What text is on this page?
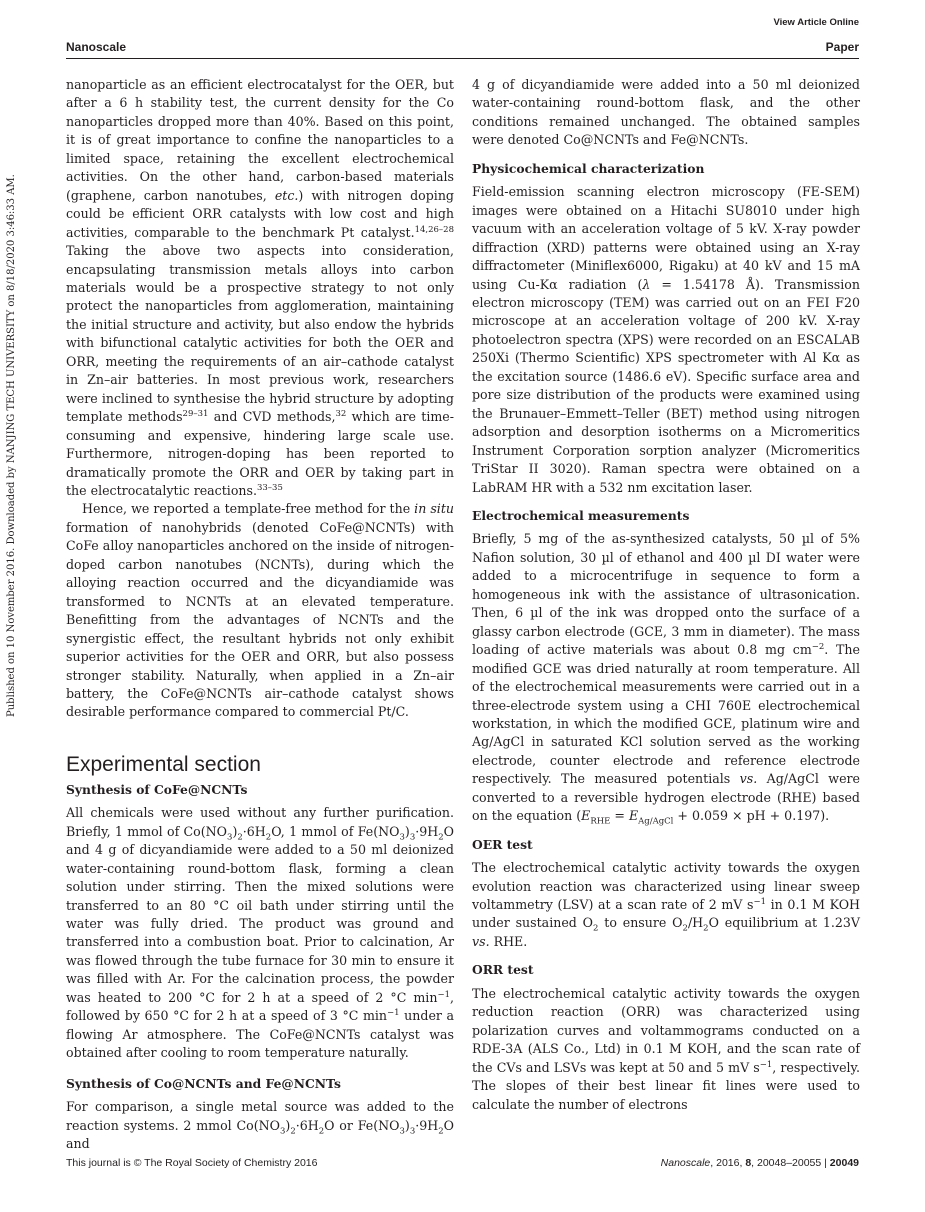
View Article Online
Nanoscale	Paper
Published on 10 November 2016. Downloaded by NANJING TECH UNIVERSITY on 8/18/2020 3:46:33 AM.

nanoparticle as an efficient electrocatalyst for the OER, but after a 6 h stability test, the current density for the Co nanoparticles dropped more than 40%. Based on this point, it is of great importance to confine the nanoparticles to a limited space, retaining the excellent electrochemical activities. On the other hand, carbon-based materials (graphene, carbon nanotubes, etc.) with nitrogen doping could be efficient ORR catalysts with low cost and high activities, comparable to the benchmark Pt catalyst.$^{14,26-28}$ Taking the above two aspects into consideration, encapsulating transmission metals alloys into carbon materials would be a prospective strategy to not only protect the nanoparticles from agglomeration, maintaining the initial structure and activity, but also endow the hybrids with bifunctional catalytic activities for both the OER and ORR, meeting the requirements of an air–cathode catalyst in Zn–air batteries. In most previous work, researchers were inclined to synthesise the hybrid structure by adopting template methods$^{29-31}$ and CVD methods,$^{32}$ which are time-consuming and expensive, hindering large scale use. Furthermore, nitrogen-doping has been reported to dramatically promote the ORR and OER by taking part in the electrocatalytic reactions.$^{33-35}$

Hence, we reported a template-free method for the in situ formation of nanohybrids (denoted CoFe@NCNTs) with CoFe alloy nanoparticles anchored on the inside of nitrogen-doped carbon nanotubes (NCNTs), during which the alloying reaction occurred and the dicyandiamide was transformed to NCNTs at an elevated temperature. Benefitting from the advantages of NCNTs and the synergistic effect, the resultant hybrids not only exhibit superior activities for the OER and ORR, but also possess stronger stability. Naturally, when applied in a Zn–air battery, the CoFe@NCNTs air–cathode catalyst shows desirable performance compared to commercial Pt/C.

Experimental section
Synthesis of CoFe@NCNTs

All chemicals were used without any further purification. Briefly, 1 mmol of $Co(NO_3)_2\cdot 6H_2O$, 1 mmol of $Fe(NO_3)_3\cdot 9H_2O$ and 4 g of dicyandiamide were added to a 50 ml deionized water-containing round-bottom flask, forming a clean solution under stirring. Then the mixed solutions were transferred to an 80 °C oil bath under stirring until the water was fully dried. The product was ground and transferred into a combustion boat. Prior to calcination, Ar was flowed through the tube furnace for 30 min to ensure it was filled with Ar. For the calcination process, the powder was heated to 200 °C for 2 h at a speed of 2 °C $\min^{-1}$, followed by 650 °C for 2 h at a speed of 3 °C $\min^{-1}$ under a flowing Ar atmosphere. The CoFe@NCNTs catalyst was obtained after cooling to room temperature naturally.

Synthesis of Co@NCNTs and Fe@NCNTs

For comparison, a single metal source was added to the reaction systems. 2 mmol $Co(NO_3)_2\cdot 6H_2O$ or $Fe(NO_3)_3\cdot 9H_2O$ and

4 g of dicyandiamide were added into a 50 ml deionized water-containing round-bottom flask, and the other conditions remained unchanged. The obtained samples were denoted Co@NCNTs and Fe@NCNTs.

Physicochemical characterization

Field-emission scanning electron microscopy (FE-SEM) images were obtained on a Hitachi SU8010 under high vacuum with an acceleration voltage of 5 kV. X-ray powder diffraction (XRD) patterns were obtained using an X-ray diffractometer (Miniflex6000, Rigaku) at 40 kV and 15 mA using Cu-Kα radiation (λ = 1.54178 Å). Transmission electron microscopy (TEM) was carried out on an FEI F20 microscope at an acceleration voltage of 200 kV. X-ray photoelectron spectra (XPS) were recorded on an ESCALAB 250Xi (Thermo Scientific) XPS spectrometer with Al Kα as the excitation source (1486.6 eV). Specific surface area and pore size distribution of the products were examined using the Brunauer–Emmett–Teller (BET) method using nitrogen adsorption and desorption isotherms on a Micromeritics Instrument Corporation sorption analyzer (Micromeritics TriStar II 3020). Raman spectra were obtained on a LabRAM HR with a 532 nm excitation laser.

Electrochemical measurements

Briefly, 5 mg of the as-synthesized catalysts, 50 µl of 5% Nafion solution, 30 µl of ethanol and 400 µl DI water were added to a microcentrifuge in sequence to form a homogeneous ink with the assistance of ultrasonication. Then, 6 µl of the ink was dropped onto the surface of a glassy carbon electrode (GCE, 3 mm in diameter). The mass loading of active materials was about 0.8 mg $cm^{-2}$. The modified GCE was dried naturally at room temperature. All of the electrochemical measurements were carried out in a three-electrode system using a CHI 760E electrochemical workstation, in which the modified GCE, platinum wire and Ag/AgCl in saturated KCl solution served as the working electrode, counter electrode and reference electrode respectively. The measured potentials vs. Ag/AgCl were converted to a reversible hydrogen electrode (RHE) based on the equation ($E_{RHE} = E_{Ag/AgCl} + 0.059$ × pH + 0.197).

OER test

The electrochemical catalytic activity towards the oxygen evolution reaction was characterized using linear sweep voltammetry (LSV) at a scan rate of 2 mV $s^{-1}$ in 0.1 M KOH under sustained $O_2$ to ensure $O_2/H_2O$ equilibrium at 1.23V vs. RHE.

ORR test

The electrochemical catalytic activity towards the oxygen reduction reaction (ORR) was characterized using polarization curves and voltammograms conducted on a RDE-3A (ALS Co., Ltd) in 0.1 M KOH, and the scan rate of the CVs and LSVs was kept at 50 and 5 mV $s^{-1}$, respectively. The slopes of their best linear fit lines were used to calculate the number of electrons

This journal is © The Royal Society of Chemistry 2016	Nanoscale, 2016, 8, 20048–20055 | 20049
